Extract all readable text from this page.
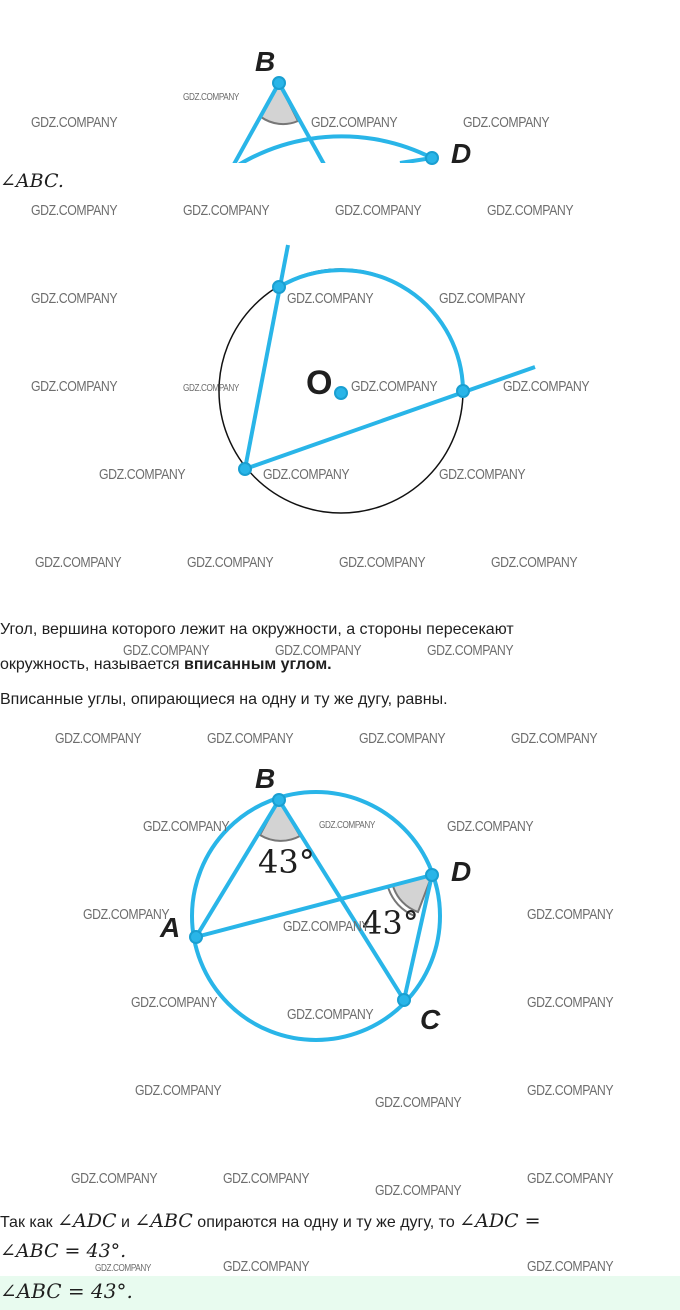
B
D
∠ABC.
O
Угол, вершина которого лежит на окружности, а стороны пересекают
окружность, называется вписанным углом.
Вписанные углы, опирающиеся на одну и ту же дугу, равны.
B
D
A
C
43°
43°
Так как ∠ADC и ∠ABC опираются на одну и ту же дугу, то ∠ADC =
∠ABC = 43°.
∠ABC = 43°.
GDZ.COMPANY
GDZ.COMPANY
GDZ.COMPANY	GDZ.COMPANY
GDZ.COMPANY	GDZ.COMPANY	GDZ.COMPANY	GDZ.COMPANY
GDZ.COMPANY	GDZ.COMPANY	GDZ.COMPANY
GDZ.COMPANY	GDZ.COMPANY	GDZ.COMPANY	GDZ.COMPANY
GDZ.COMPANY	GDZ.COMPANY	GDZ.COMPANY
GDZ.COMPANY	GDZ.COMPANY	GDZ.COMPANY	GDZ.COMPANY
GDZ.COMPANY	GDZ.COMPANY	GDZ.COMPANY
GDZ.COMPANY	GDZ.COMPANY	GDZ.COMPANY	GDZ.COMPANY
GDZ.COMPANY	GDZ.COMPANY	GDZ.COMPANY
GDZ.COMPANY
GDZ.COMPANY
GDZ.COMPANY
GDZ.COMPANY
GDZ.COMPANY
GDZ.COMPANY
GDZ.COMPANY
GDZ.COMPANY
GDZ.COMPANY
GDZ.COMPANY	GDZ.COMPANY
GDZ.COMPANY
GDZ.COMPANY
GDZ.COMPANY	GDZ.COMPANY	GDZ.COMPANY
